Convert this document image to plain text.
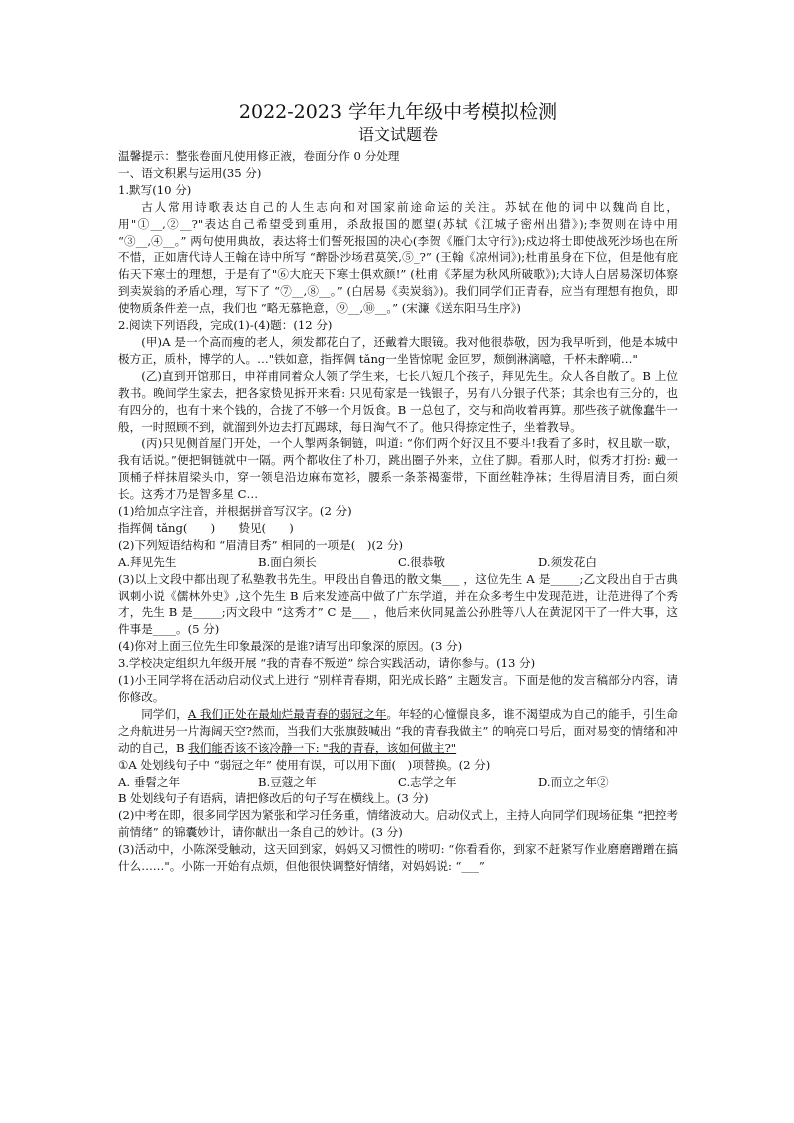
2022-2023 学年九年级中考模拟检测

语文试题卷

温馨提示：整张卷面凡使用修正液，卷面分作 0 分处理

一、语文积累与运用(35 分)

1.默写(10 分)

古人常用诗歌表达自己的人生志向和对国家前途命运的关注。苏轼在他的词中以魏尚自比，用"①__,②__?"表达自己希望受到重用，杀敌报国的愿望(苏轼《江城子密州出猎》);李贺则在诗中用 “③__,④__。” 两句使用典故，表达将士们誓死报国的决心(李贺《雁门太守行》);戍边将士即使战死沙场也在所不惜，正如唐代诗人王翰在诗中所写 “醉卧沙场君莫笑,⑤_?” (王翰《凉州词》);杜甫虽身在下位，但是他有庇佑天下寒士的理想，于是有了"⑥大庇天下寒士俱欢颜!” (杜甫《茅屋为秋风所破歌》);大诗人白居易深切体察到卖炭翁的矛盾心理，写下了 “⑦__,⑧__。” (白居易《卖炭翁》)。我们同学们正青春，应当有理想有抱负，即使物质条件差一点，我们也 “略无慕艳意，⑨__,⑩__。” (宋濂《送东阳马生序》)

2.阅读下列语段，完成(1)-(4)题：(12 分)

(甲)A 是一个高而瘦的老人，须发都花白了，还戴着大眼镜。我对他很恭敬，因为我早听到，他是本城中极方正，质朴，博学的人。…"铁如意，指挥倜 tǎng一坐皆惊呢 金叵罗，颓倒淋漓噫，千杯未醉嗬…"

(乙)直到开馆那日，申祥甫同着众人领了学生来，七长八短几个孩子，拜见先生。众人各自散了。B 上位教书。晚间学生家去，把各家贽见拆开来看: 只见荀家是一钱银子，另有八分银子代茶；其余也有三分的，也有四分的，也有十来个钱的，合拢了不够一个月饭食。B 一总包了，交与和尚收着再算。那些孩子就像蠢牛一般，一时照顾不到，就溜到外边去打瓦踢球，每日淘气不了。他只得捺定性子，坐着教导。

(丙)只见侧首屋门开处，一个人掣两条铜链，叫道: “你们两个好汉且不要斗!我看了多时，权且歇一歇，我有话说。”便把铜链就中一隔。两个都收住了朴刀，跳出圈子外来，立住了脚。看那人时，似秀才打扮: 戴一顶桶子样抹眉梁头巾，穿一领皂沿边麻布宽衫，腰系一条茶褐銮带，下面丝鞋净袜；生得眉清目秀，面白须长。这秀才乃是智多星 C…

(1)给加点字注音，并根据拼音写汉字。(2 分)

指挥倜 tǎng(　　)　　贽见(　　)

(2)下列短语结构和 “眉清目秀” 相同的一项是(　)(2 分)

A.拜见先生	B.面白须长	C.很恭敬	D.须发花白

(3)以上文段中都出现了私塾教书先生。甲段出自鲁迅的散文集___ ，这位先生 A 是_____;乙文段出自于古典讽刺小说《儒林外史》,这个先生 B 后来发迹高中做了广东学道，并在众多考生中发现范进，让范进得了个秀才，先生 B 是_____;丙文段中 “这秀才” C 是___ ，他后来伙同晁盖公孙胜等八人在黄泥冈干了一件大事，这件事是____。(5 分)

(4)你对上面三位先生印象最深的是谁?请写出印象深的原因。(3 分)

3.学校决定组织九年级开展 “我的青春不叛逆” 综合实践活动，请你参与。(13 分)

(1)小王同学将在活动启动仪式上进行 “别样青春期，阳光成长路” 主题发言。下面是他的发言稿部分内容，请你修改。

同学们，A 我们正处在最灿烂最青春的弱冠之年。年轻的心憧憬良多，谁不渴望成为自己的能手，引生命之舟航进另一片海阔天空?然而，当我们大张旗鼓喊出 “我的青春我做主” 的响亮口号后，面对易变的情绪和冲动的自己，B 我们能否该不该冷静一下: "我的青春，该如何做主?"

①A 处划线句子中 “弱冠之年” 使用有误，可以用下面(　)项替换。(2 分)

A. 垂髫之年	B.豆蔻之年	C.志学之年	D.而立之年②

B 处划线句子有语病，请把修改后的句子写在横线上。(3 分)

(2)中考在即，很多同学因为紧张和学习任务重，情绪波动大。启动仪式上，主持人向同学们现场征集 “把控考前情绪” 的锦囊妙计，请你献出一条自己的妙计。(3 分)

(3)活动中，小陈深受触动，这天回到家，妈妈又习惯性的唠叨: “你看看你，到家不赶紧写作业磨磨蹭蹭在搞什么……"。小陈一开始有点烦，但他很快调整好情绪，对妈妈说: “___”
